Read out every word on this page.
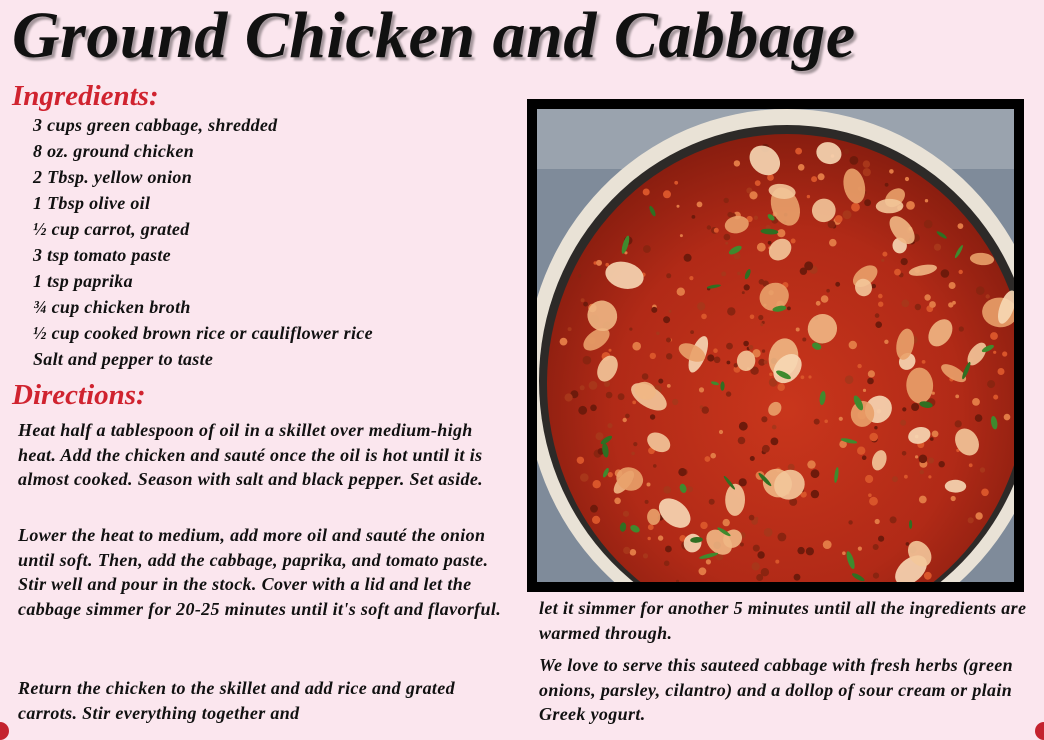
Ground Chicken and Cabbage
Ingredients:
3 cups green cabbage, shredded
8 oz. ground chicken
2 Tbsp. yellow onion
1 Tbsp olive oil
½ cup carrot, grated
3 tsp tomato paste
1 tsp paprika
¾ cup chicken broth
½ cup cooked brown rice or cauliflower rice
Salt and pepper to taste
Directions:

Heat half a tablespoon of oil in a skillet over medium-high heat. Add the chicken and sauté once the oil is hot until it is almost cooked. Season with salt and black pepper. Set aside.

Lower the heat to medium, add more oil and sauté the onion until soft. Then, add the cabbage, paprika, and tomato paste. Stir well and pour in the stock. Cover with a lid and let the cabbage simmer for 20-25 minutes until it's soft and flavorful.

Return the chicken to the skillet and add rice and grated carrots. Stir everything together and

let it simmer for another 5 minutes until all the ingredients are warmed through.

We love to serve this sauteed cabbage with fresh herbs (green onions, parsley, cilantro) and a dollop of sour cream or plain Greek yogurt.
